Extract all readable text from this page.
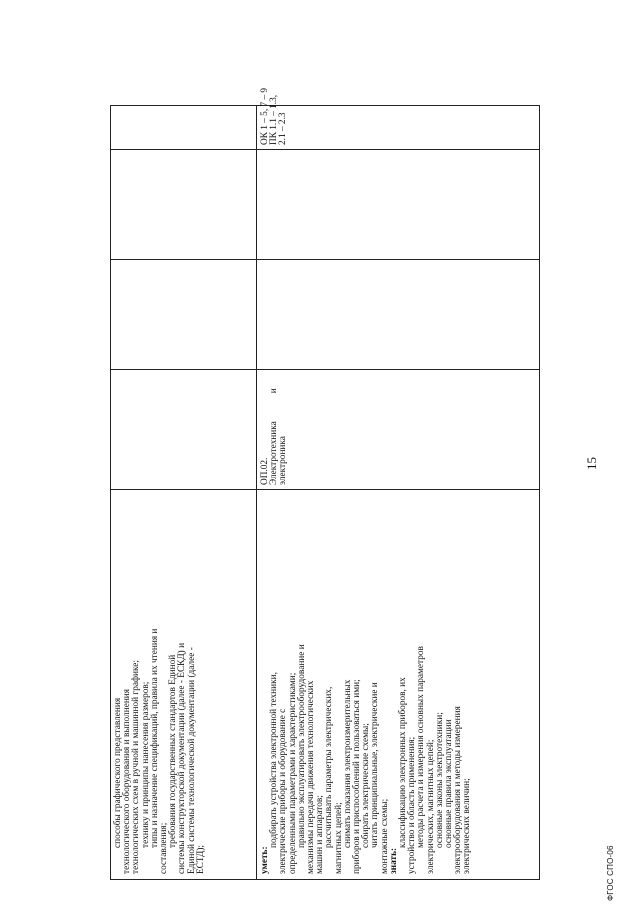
15
ФГОС СПО-06
способы графического представления технологического оборудования и выполнения технологических схем в ручной и машинной графике; технику и принципы нанесения размеров; типы и назначение спецификаций, правила их чтения и
составления;
требования государственных стандартов Единой системы конструкторской документации (далее - ЕСКД) и Единой системы технологической документации (далее - ЕСТД);	уметь:
подбирать устройства электронной техники, электрические приборы и оборудование с определенными параметрами и характеристиками; правильно эксплуатировать электрооборудование и механизмы передачи движения технологических машин и аппаратов; рассчитывать параметры электрических, магнитных цепей; снимать показания электроизмерительных приборов и приспособлений и пользоваться ими; собирать электрические схемы; читать принципиальные, электрические и монтажные схемы; знать:
классификацию электронных приборов, их устройство и область применения; методы расчета и измерения основных параметров электрических, магнитных цепей; основные законы электротехники; основные правила эксплуатации электрооборудования и методы измерения электрических величин;
ОП.02. Электротехникаи
электроника
ОК 1 – 5, 7 – 9 ПК 1.1 – 1.3, 2.1 – 2.3
